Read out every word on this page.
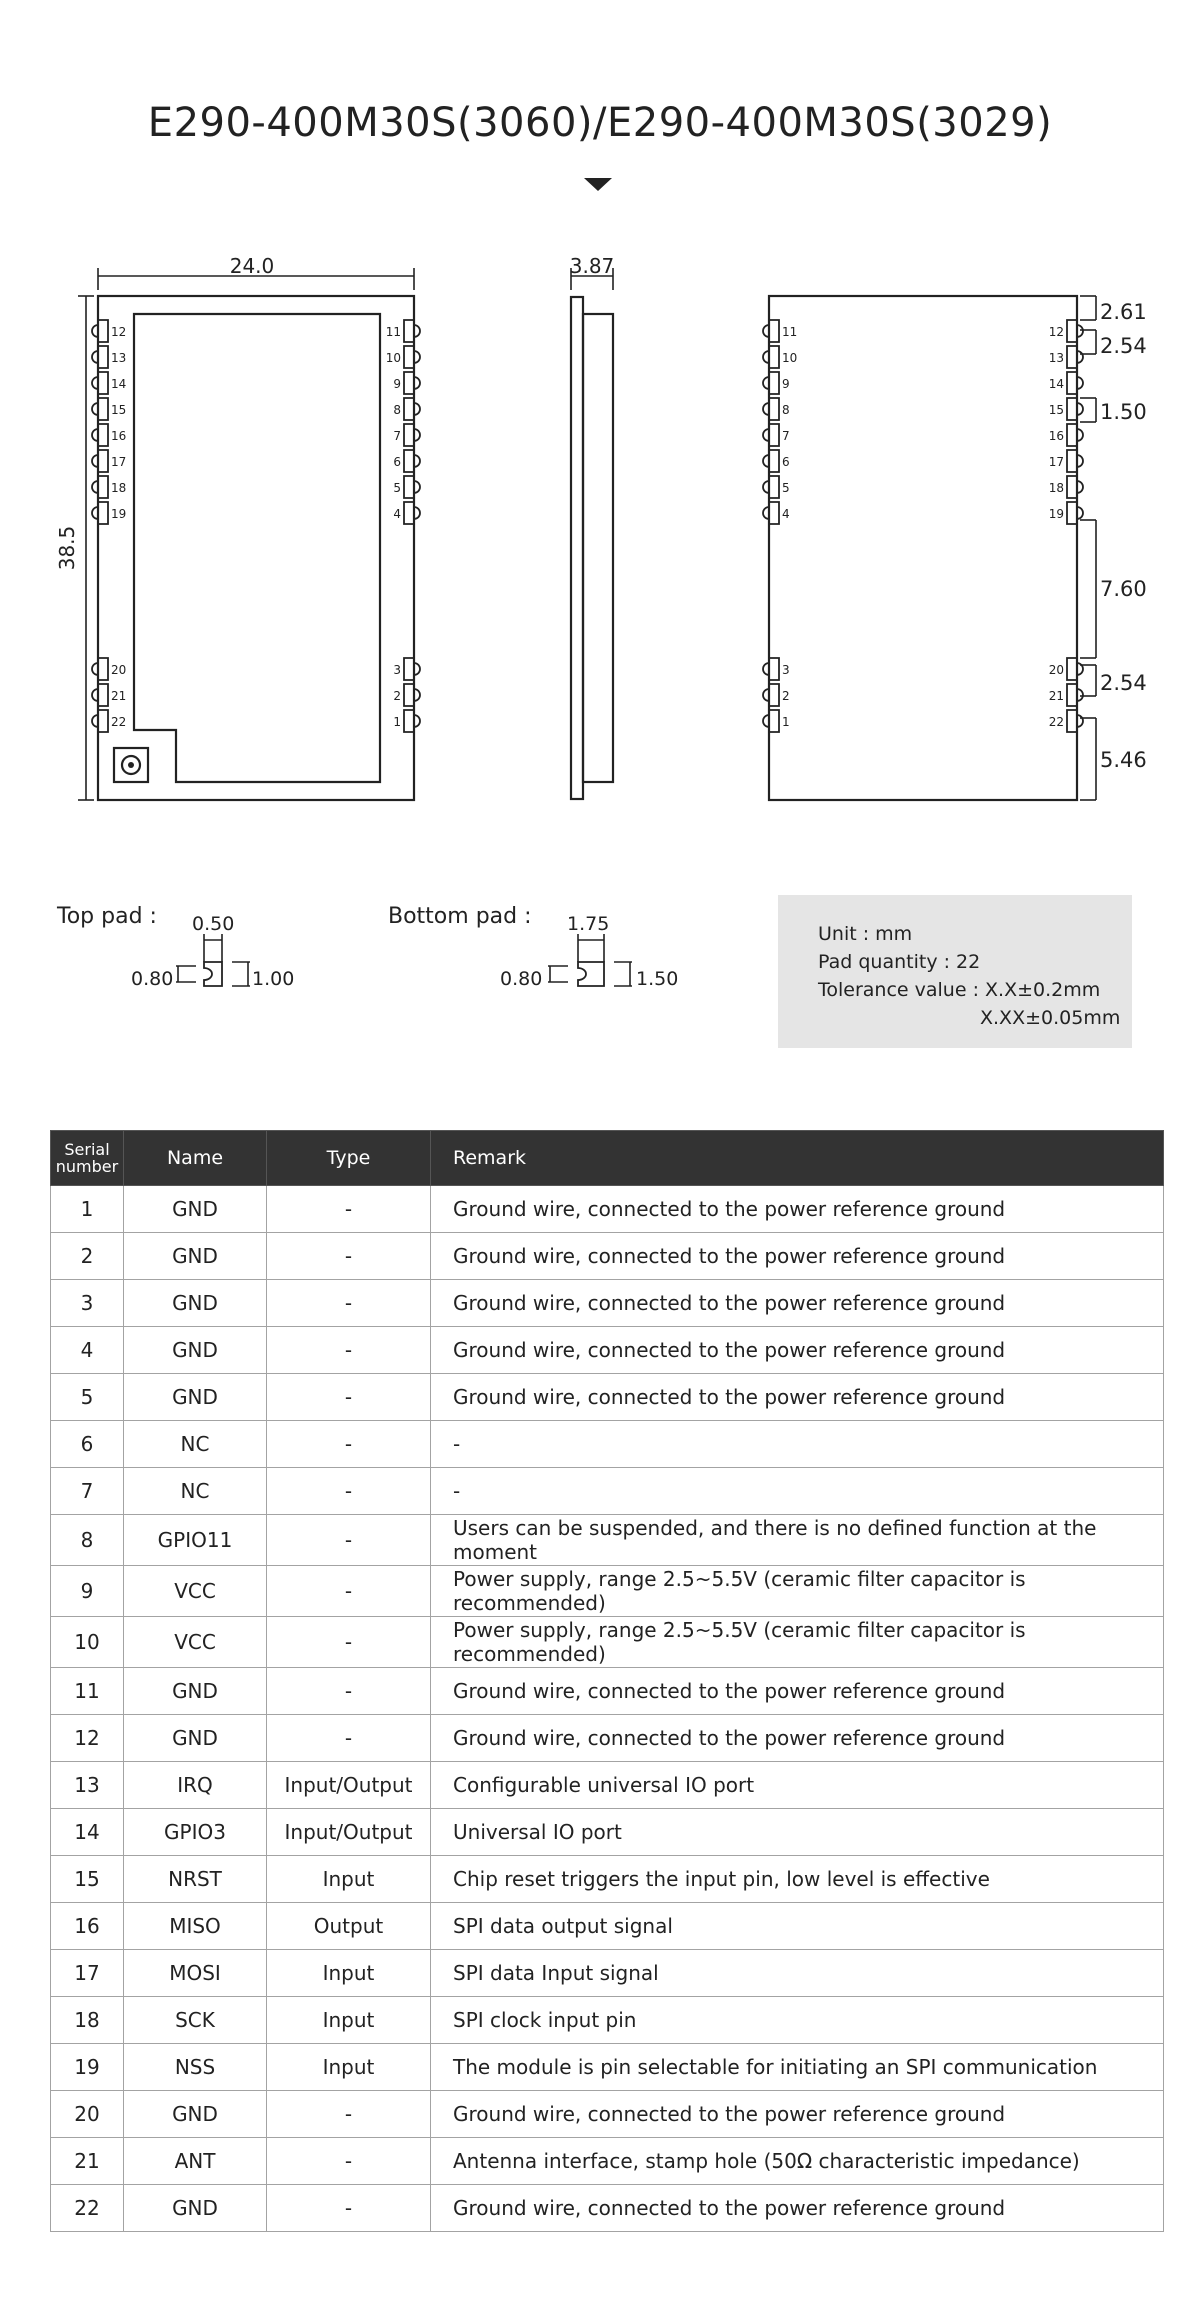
E290-400M30S(3060)/E290-400M30S(3029)
12	11
13	10
14	9
15	8
16	7
17	6
18	5
19	4
20	3
21	2
22	1
24.0
38.5
3.87
11	12
10	13
9	14
8	15
7	16
6	17
5	18
4	19
3	20
2	21
1	22
2.61
2.54
1.50
7.60
2.54
5.46
Top pad : 0.50
0.80	1.00
Bottom pad : 1.75
0.80	1.50
Unit : mm
Pad quantity : 22
Tolerance value : X.X±0.2mm
X.XX±0.05mm
Serial number	Name	Type	Remark
1	GND	-	Ground wire, connected to the power reference ground
2	GND	-	Ground wire, connected to the power reference ground
3	GND	-	Ground wire, connected to the power reference ground
4	GND	-	Ground wire, connected to the power reference ground
5	GND	-	Ground wire, connected to the power reference ground
6	NC	-	-
7	NC	-	-
8	GPIO11	-	Users can be suspended, and there is no defined function at the moment
9	VCC	-	Power supply, range 2.5~5.5V (ceramic filter capacitor is recommended)
10	VCC	-	Power supply, range 2.5~5.5V (ceramic filter capacitor is recommended)
11	GND	-	Ground wire, connected to the power reference ground
12	GND	-	Ground wire, connected to the power reference ground
13	IRQ	Input/Output	Configurable universal IO port
14	GPIO3	Input/Output	Universal IO port
15	NRST	Input	Chip reset triggers the input pin, low level is effective
16	MISO	Output	SPI data output signal
17	MOSI	Input	SPI data Input signal
18	SCK	Input	SPI clock input pin
19	NSS	Input	The module is pin selectable for initiating an SPI communication
20	GND	-	Ground wire, connected to the power reference ground
21	ANT	-	Antenna interface, stamp hole (50Ω characteristic impedance)
22	GND	-	Ground wire, connected to the power reference ground
